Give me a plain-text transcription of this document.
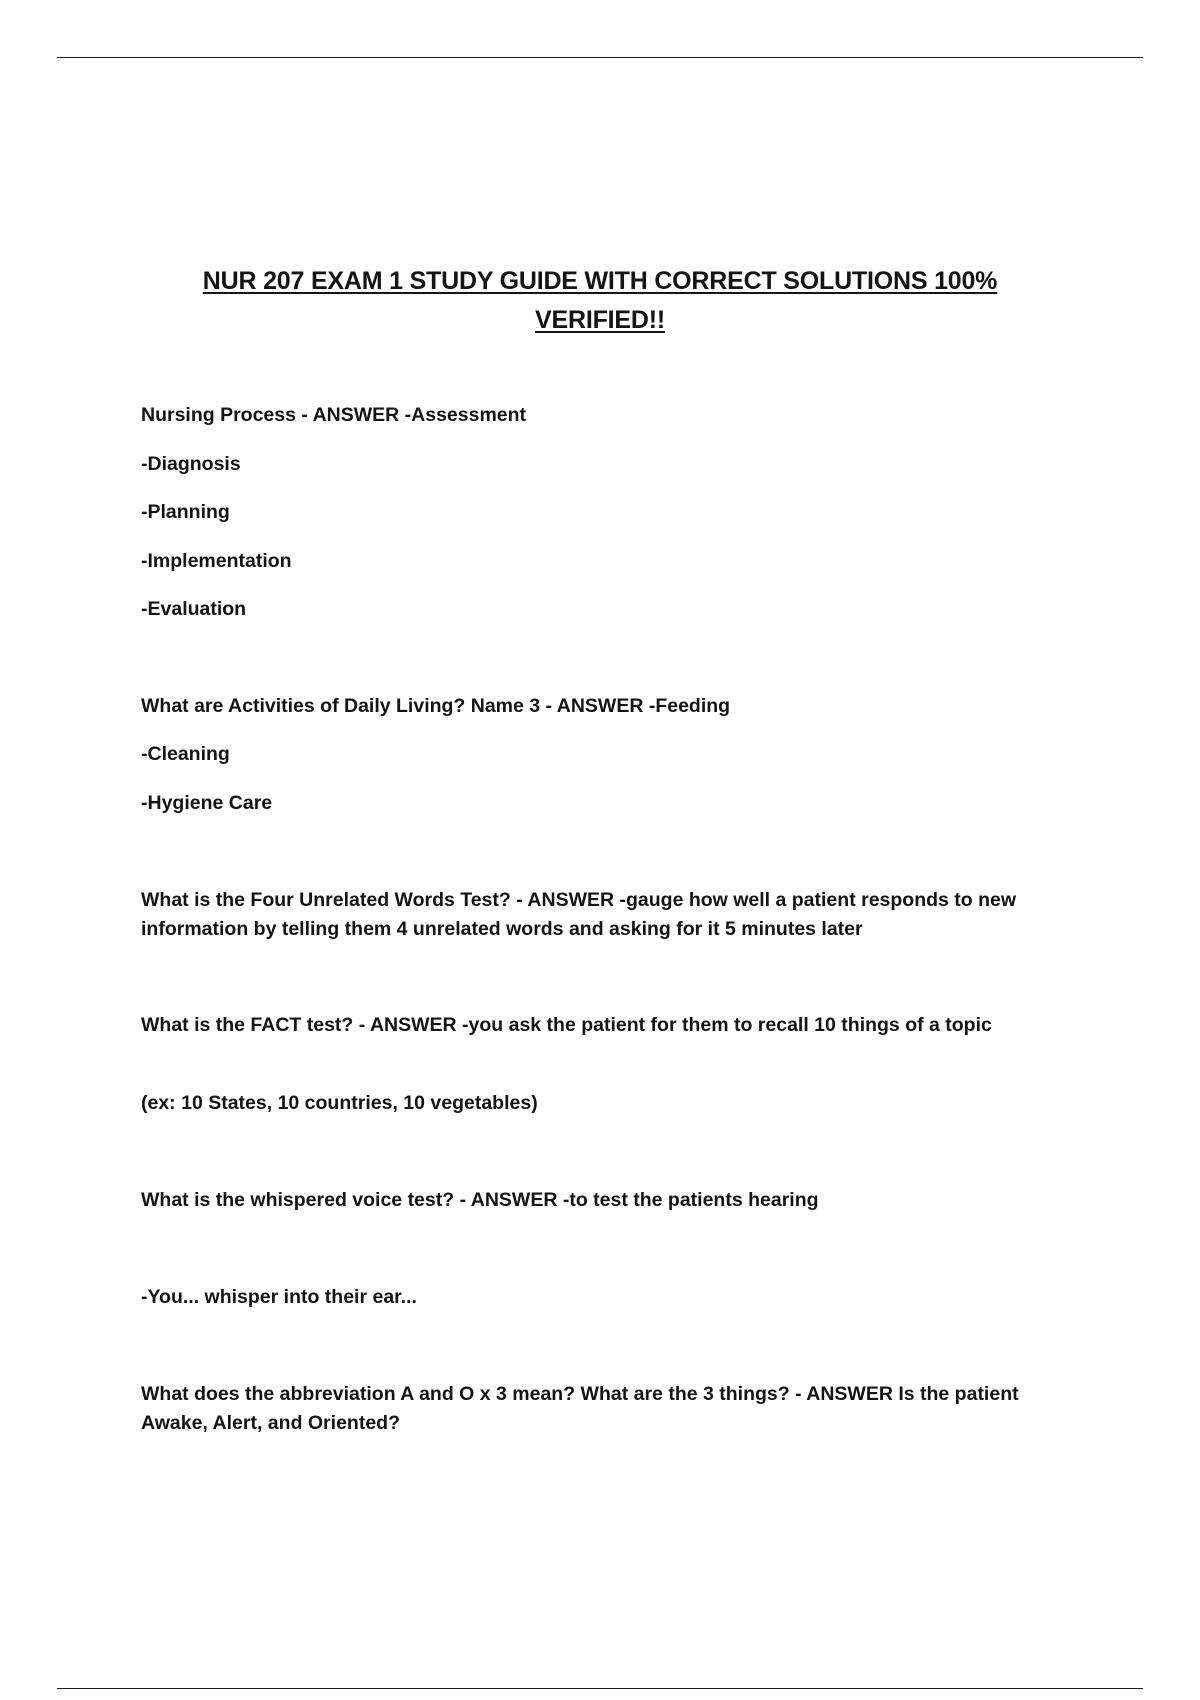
NUR 207 EXAM 1 STUDY GUIDE WITH CORRECT SOLUTIONS 100% VERIFIED!!

Nursing Process - ANSWER -Assessment

-Diagnosis

-Planning

-Implementation

-Evaluation

What are Activities of Daily Living? Name 3 - ANSWER -Feeding

-Cleaning

-Hygiene Care

What is the Four Unrelated Words Test? - ANSWER -gauge how well a patient responds to new information by telling them 4 unrelated words and asking for it 5 minutes later

What is the FACT test? - ANSWER -you ask the patient for them to recall 10 things of a topic

(ex: 10 States, 10 countries, 10 vegetables)

What is the whispered voice test? - ANSWER -to test the patients hearing

-You... whisper into their ear...

What does the abbreviation A and O x 3 mean? What are the 3 things? - ANSWER Is the patient Awake, Alert, and Oriented?
